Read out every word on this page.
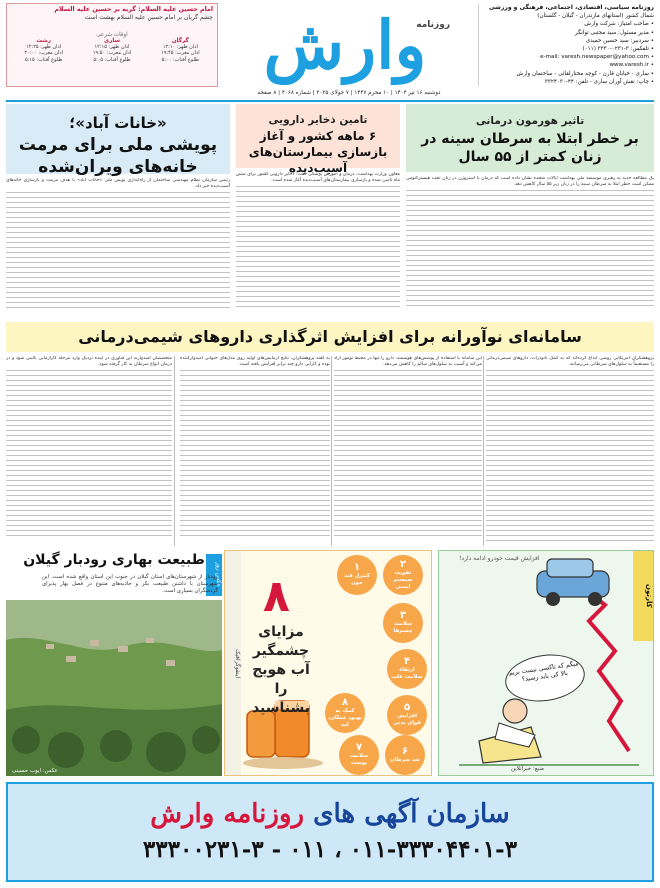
روزنامه سیاسی، اقتصادی، اجتماعی، فرهنگی و ورزشی
شمال کشور (استانهای مازندران - گیلان - گلستان)
• صاحب امتیاز: شرکت وارش
• مدیر مسئول: سید مجتبی توانگر
• سردبیر: سید حسین حمیدی
• تلفکس: ۳-۰۲۳۱-۳۳۳۰ (۰۱۱)
• e-mail: varesh.newspaper@yahoo.com
• www.varesh.ir
• ساری - خیابان قارن - کوچه مختارلقائی - ساختمان وارش
• چاپ: نقش آوران ساری - تلفن: ۴۴-۳۳۲۴۰۳۰
وارش
روزنامه
امام حسین علیه السلام: گریه بر حسین علیه السلام
چشم گریان بر امام حسین علیه السلام بهشت است
اوقات شرعی
گرگان
اذان ظهر: ۱۲:۱۰
اذان مغرب: ۱۹:۴۵
طلوع آفتاب: ۵:۰۰
ساری
اذان ظهر: ۱۲:۱۵
اذان مغرب: ۱۹:۵۰
طلوع آفتاب: ۵:۰۵
رشت
اذان ظهر: ۱۲:۲۵
اذان مغرب: ۲۰:۰۰
طلوع آفتاب: ۵:۱۵
دوشنبه ۱۶ تیر ۱۴۰۴ | ۱۰ محرم ۱۴۴۷ | ۷ جولای ۲۰۲۵ | شماره ۴۰۶۸ | ۸ صفحه
تاثیر هورمون درمانی
بر خطر ابتلا به سرطان سینه در زنان کمتر از ۵۵ سال
تامین ذخایر دارویی
۶ ماهه کشور و آغاز بازسازی بیمارستان‌های آسیب‌دیده
«خانات آباد»؛
پویشی ملی برای مرمت خانه‌های ویران‌شده
یک مطالعه جدید به رهبری موسسه ملی بهداشت ایالات متحده نشان داده است که درمان با استروژن در زنان تحت هیسترکتومی ممکن است خطر ابتلا به سرطان سینه را در زنان زیر ۵۵ سال کاهش دهد.
معاون وزارت بهداشت، درمان و آموزش پزشکی گفت: ذخایر دارویی کشور برای شش ماه تامین شده و بازسازی بیمارستان‌های آسیب‌دیده آغاز شده است.
رئیس سازمان نظام مهندسی ساختمان از راه‌اندازی پویش ملی «خانات آباد» با هدف مرمت و بازسازی خانه‌های آسیب‌دیده خبر داد.
سامانه‌ای نوآورانه برای افزایش اثرگذاری داروهای شیمی‌درمانی
پژوهشگران آمریکایی روشی ابداع کرده‌اند که به کمک نانوذرات، داروهای شیمی‌درمانی را مستقیماً به سلول‌های سرطانی می‌رسانند.
این سامانه با استفاده از پوشش‌های هوشمند، دارو را تنها در محیط تومور آزاد می‌کند و آسیب به سلول‌های سالم را کاهش می‌دهد.
به گفته پژوهشگران، نتایج آزمایش‌های اولیه روی مدل‌های حیوانی امیدوارکننده بوده و کارایی دارو چند برابر افزایش یافته است.
متخصصان امیدوارند این فناوری در آینده نزدیک وارد مرحله کارآزمایی بالینی شود و در درمان انواع سرطان به کار گرفته شود.
کارتون
افزایش قیمت خودرو ادامه دارد!
میگم که تاکسی نیست بریم بالا کی باید رسید؟
منبع: خبرآنلاین
اینفوگرافیک
۸
مزایای چشمگیر آب هویج را بشناسید
۱
کنترل قند خون
۲
تقویت سیستم ایمنی
۳
سلامت چشم‌ها
۴
ارتقاء سلامت قلب
۵
افزایش قوای بدنی
۶
ضد سرطان
۷
سلامت پوست
۸
کمک به بهبود عملکرد کبد
عکس روز
طبیعت بهاری رودبار گیلان
رودبار از شهرستان‌های استان گیلان در جنوب این استان واقع شده است. این شهرستان با داشتن طبیعت بکر و جاذبه‌های متنوع در فصل بهار پذیرای گردشگران بسیاری است.
عکس: ایوب حسینی
سازمان آگهی های روزنامه وارش
۰۱۱-۳۳۳۰۴۴۰۱-۳ ، ۰۱۱ - ۳۳۳۰۰۲۳۱-۳
